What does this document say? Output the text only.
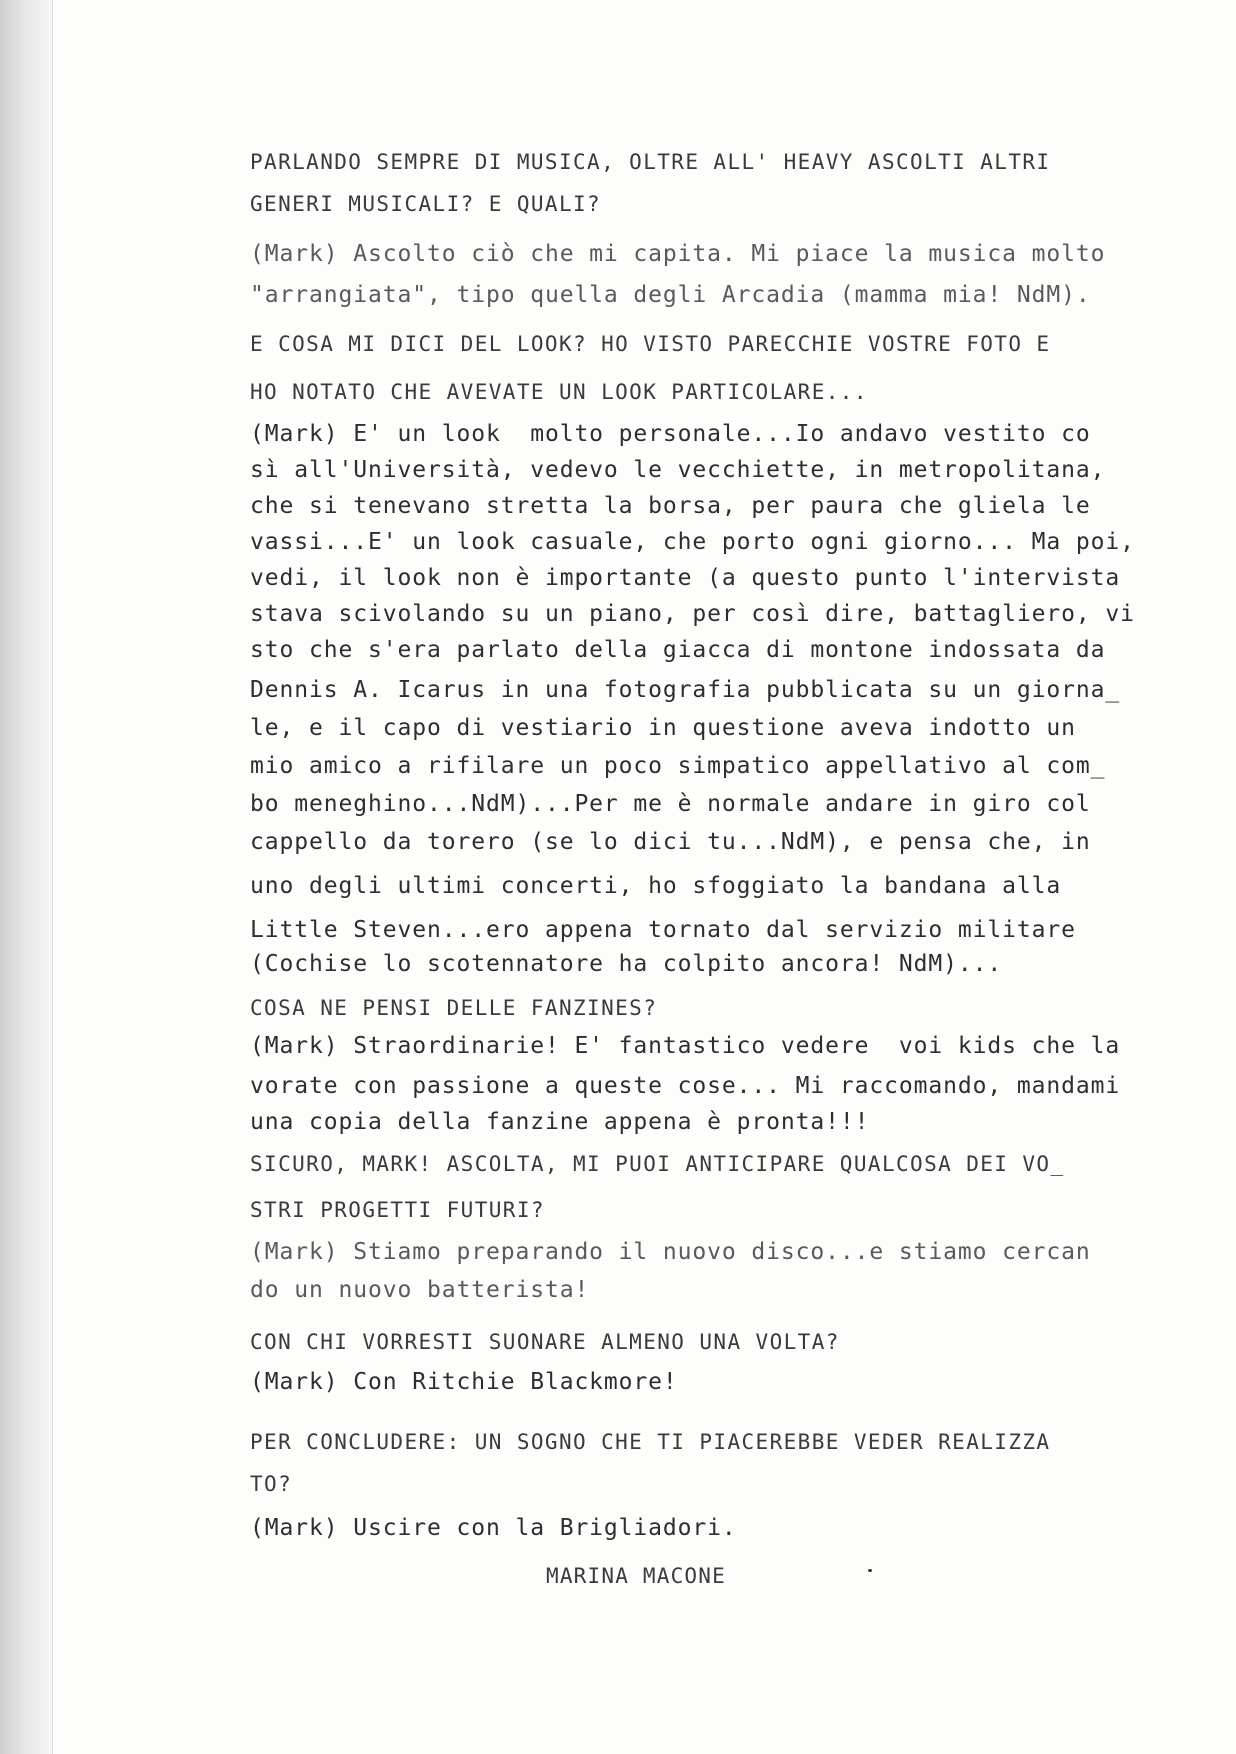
PARLANDO SEMPRE DI MUSICA, OLTRE ALL' HEAVY ASCOLTI ALTRI

GENERI MUSICALI? E QUALI?

(Mark) Ascolto ciò che mi capita. Mi piace la musica molto

"arrangiata", tipo quella degli Arcadia (mamma mia! NdM).

E COSA MI DICI DEL LOOK? HO VISTO PARECCHIE VOSTRE FOTO E

HO NOTATO CHE AVEVATE UN LOOK PARTICOLARE...

(Mark) E' un look  molto personale...Io andavo vestito co

sì all'Università, vedevo le vecchiette, in metropolitana,

che si tenevano stretta la borsa, per paura che gliela le

vassi...E' un look casuale, che porto ogni giorno... Ma poi,

vedi, il look non è importante (a questo punto l'intervista

stava scivolando su un piano, per così dire, battagliero, vi

sto che s'era parlato della giacca di montone indossata da

Dennis A. Icarus in una fotografia pubblicata su un giorna_

le, e il capo di vestiario in questione aveva indotto un

mio amico a rifilare un poco simpatico appellativo al com_

bo meneghino...NdM)...Per me è normale andare in giro col

cappello da torero (se lo dici tu...NdM), e pensa che, in

uno degli ultimi concerti, ho sfoggiato la bandana alla

Little Steven...ero appena tornato dal servizio militare

(Cochise lo scotennatore ha colpito ancora! NdM)...

COSA NE PENSI DELLE FANZINES?

(Mark) Straordinarie! E' fantastico vedere  voi kids che la

vorate con passione a queste cose... Mi raccomando, mandami

una copia della fanzine appena è pronta!!!

SICURO, MARK! ASCOLTA, MI PUOI ANTICIPARE QUALCOSA DEI VO_

STRI PROGETTI FUTURI?

(Mark) Stiamo preparando il nuovo disco...e stiamo cercan

do un nuovo batterista!

CON CHI VORRESTI SUONARE ALMENO UNA VOLTA?

(Mark) Con Ritchie Blackmore!

PER CONCLUDERE: UN SOGNO CHE TI PIACEREBBE VEDER REALIZZA

TO?

(Mark) Uscire con la Brigliadori.

MARINA MACONE
